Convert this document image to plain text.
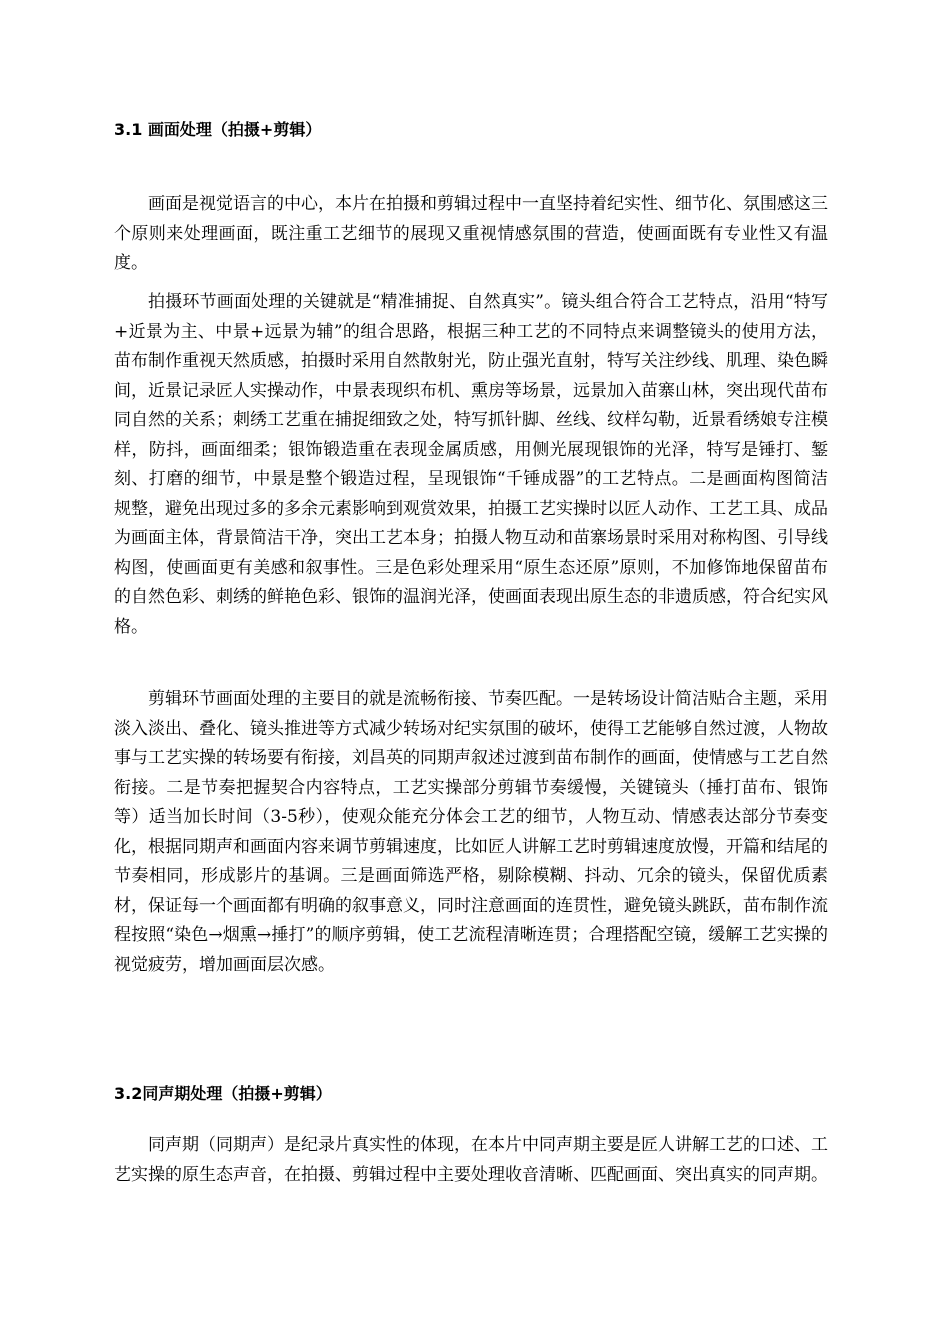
3.1 画面处理（拍摄+剪辑）

画面是视觉语言的中心，本片在拍摄和剪辑过程中一直坚持着纪实性、细节化、氛围感这三个原则来处理画面，既注重工艺细节的展现又重视情感氛围的营造，使画面既有专业性又有温度。

拍摄环节画面处理的关键就是“精准捕捉、自然真实”。镜头组合符合工艺特点，沿用“特写+近景为主、中景+远景为辅”的组合思路，根据三种工艺的不同特点来调整镜头的使用方法，苗布制作重视天然质感，拍摄时采用自然散射光，防止强光直射，特写关注纱线、肌理、染色瞬间，近景记录匠人实操动作，中景表现织布机、熏房等场景，远景加入苗寨山林，突出现代苗布同自然的关系；刺绣工艺重在捕捉细致之处，特写抓针脚、丝线、纹样勾勒，近景看绣娘专注模样，防抖，画面细柔；银饰锻造重在表现金属质感，用侧光展现银饰的光泽，特写是锤打、錾刻、打磨的细节，中景是整个锻造过程，呈现银饰“千锤成器”的工艺特点。二是画面构图简洁规整，避免出现过多的多余元素影响到观赏效果，拍摄工艺实操时以匠人动作、工艺工具、成品为画面主体，背景简洁干净，突出工艺本身；拍摄人物互动和苗寨场景时采用对称构图、引导线构图，使画面更有美感和叙事性。三是色彩处理采用“原生态还原”原则，不加修饰地保留苗布的自然色彩、刺绣的鲜艳色彩、银饰的温润光泽，使画面表现出原生态的非遗质感，符合纪实风格。

剪辑环节画面处理的主要目的就是流畅衔接、节奏匹配。一是转场设计简洁贴合主题，采用淡入淡出、叠化、镜头推进等方式减少转场对纪实氛围的破坏，使得工艺能够自然过渡，人物故事与工艺实操的转场要有衔接，刘昌英的同期声叙述过渡到苗布制作的画面，使情感与工艺自然衔接。二是节奏把握契合内容特点，工艺实操部分剪辑节奏缓慢，关键镜头（捶打苗布、银饰等）适当加长时间（3-5秒），使观众能充分体会工艺的细节，人物互动、情感表达部分节奏变化，根据同期声和画面内容来调节剪辑速度，比如匠人讲解工艺时剪辑速度放慢，开篇和结尾的节奏相同，形成影片的基调。三是画面筛选严格，剔除模糊、抖动、冗余的镜头，保留优质素材，保证每一个画面都有明确的叙事意义，同时注意画面的连贯性，避免镜头跳跃，苗布制作流程按照“染色→烟熏→捶打”的顺序剪辑，使工艺流程清晰连贯；合理搭配空镜，缓解工艺实操的视觉疲劳，增加画面层次感。

3.2同声期处理（拍摄+剪辑）

同声期（同期声）是纪录片真实性的体现，在本片中同声期主要是匠人讲解工艺的口述、工艺实操的原生态声音，在拍摄、剪辑过程中主要处理收音清晰、匹配画面、突出真实的同声期。
